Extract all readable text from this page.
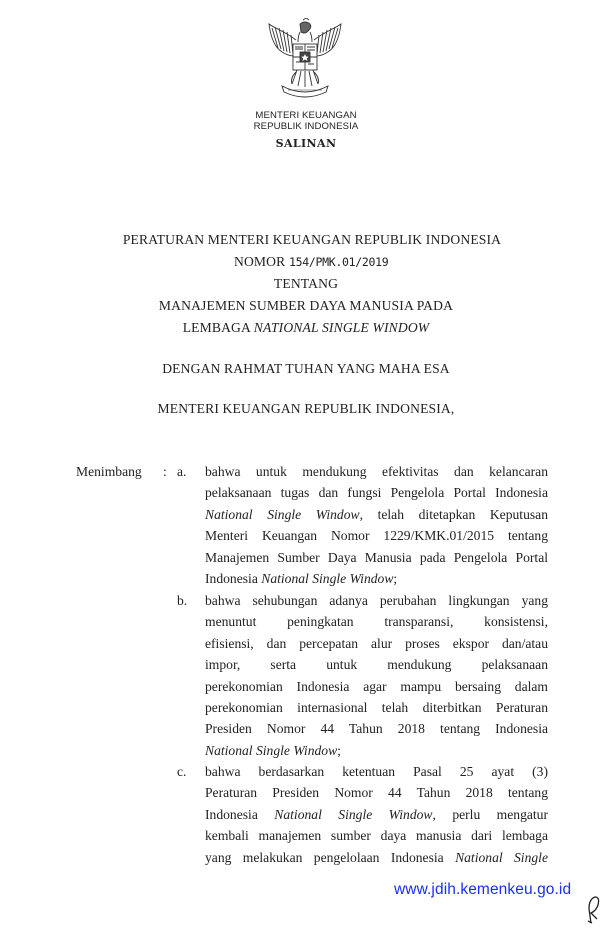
MENTERI KEUANGAN
REPUBLIK INDONESIA
SALINAN
PERATURAN MENTERI KEUANGAN REPUBLIK INDONESIA
NOMOR 154/PMK.01/2019
TENTANG
MANAJEMEN SUMBER DAYA MANUSIA PADA
LEMBAGA NATIONAL SINGLE WINDOW
DENGAN RAHMAT TUHAN YANG MAHA ESA
MENTERI KEUANGAN REPUBLIK INDONESIA,
Menimbang : a. bahwa untuk mendukung efektivitas dan kelancaran
pelaksanaan tugas dan fungsi Pengelola Portal Indonesia
National Single Window, telah ditetapkan Keputusan
Menteri Keuangan Nomor 1229/KMK.01/2015 tentang
Manajemen Sumber Daya Manusia pada Pengelola Portal
Indonesia National Single Window;
b. bahwa sehubungan adanya perubahan lingkungan yang
menuntut peningkatan transparansi, konsistensi,
efisiensi, dan percepatan alur proses ekspor dan/atau
impor, serta untuk mendukung pelaksanaan
perekonomian Indonesia agar mampu bersaing dalam
perekonomian internasional telah diterbitkan Peraturan
Presiden Nomor 44 Tahun 2018 tentang Indonesia
National Single Window;
c. bahwa berdasarkan ketentuan Pasal 25 ayat (3)
Peraturan Presiden Nomor 44 Tahun 2018 tentang
Indonesia National Single Window, perlu mengatur
kembali manajemen sumber daya manusia dari lembaga
yang melakukan pengelolaan Indonesia National Single
www.jdih.kemenkeu.go.id
